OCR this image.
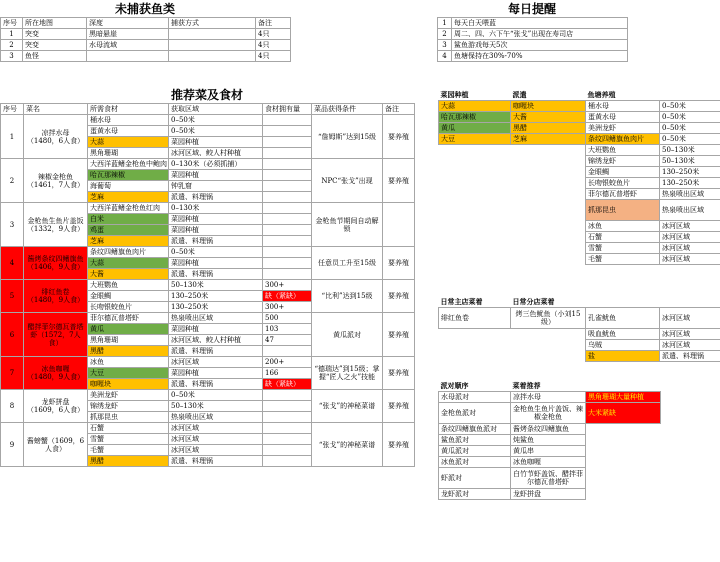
未捕获鱼类
序号	所在地图	深度	捕获方式	备注
1	突变	黑暗悬崖		4只
2	突变	水母流域		4只
3	鱼怪			4只
每日提醒
1	每天白天喂蓝
2	周二、四、六下午“张戈”出现在寿司店
3	鲨鱼游戏每天5次
4	鱼塘保持在30%-70%
推荐菜及食材
序号	菜名	所需食材	获取区域	食材拥有量	菜品获得条件	备注
1	凉拌水母（1480，6人食）	桶水母	0–50米		“詹姆斯”达到15级	要养殖
		蛋黄水母	0–50米			
		大蒜	菜园种植			
		黑角珊瑚	冰河区域、鲛人村种植			
2	辣椒金枪鱼（1461，7人食）	大西洋蓝鳍金枪鱼中鲍肉	0–130米（必须抓捕）		NPC“张戈”出现	要养殖
		哈瓦那辣椒	菜园种植			
		海葡萄	钟乳窟			
		芝麻	派遣、料理锅			
3	金枪鱼生鱼片盖饭（1332，9人食）	大西洋蓝鳍金枪鱼红肉	0–130米		金枪鱼节期间自动解锁	
		白米	菜园种植			
		鸡蛋	菜园种植			
		芝麻	派遣、料理锅			
4	酱烤条纹四鳍旗鱼（1406，9人食）	条纹四鳍旗鱼肉片	0–50米		任意员工升至15级	要养殖
		大蒜	菜园种植			
		大酱	派遣、料理锅			
5	绯红鱼卷（1480，9人食）	大班鹦鱼	50–130米	300+	“比利”达到15级	要养殖
		金眼鲷	130–250米	缺（紧缺）		
		长吻银蛟鱼片	130–250米	300+		
6	醋拌菲尔德瓦普塔虾（1572，7人食）	菲尔德瓦普塔虾	热泉喷出区域	500	黄瓜派对	要养殖
		黄瓜	菜园种植	103		
		黑角珊瑚	冰河区域、鲛人村种植	47		
		黑醋	派遣、料理锅			
7	冰鱼咖喱（1480，9人食）	冰鱼	冰河区域	200+	“德瑞达”到15级；掌握“匠人之火”技能	要养殖
		大豆	菜园种植	166		
		咖喱块	派遣、料理锅	缺（紧缺）		
8	龙虾拼盘（1609，6人食）	美洲龙虾	0–50米		“张戈”的神秘菜谱	要养殖
		锦绣龙虾	50–130米			
		抓那昆虫	热泉喷出区域			
9	酱螃蟹（1609，6人食）	石蟹	冰河区域		“张戈”的神秘菜谱	要养殖
		雪蟹	冰河区域			
		毛蟹	冰河区域			
		黑醋	派遣、料理锅			
菜园种植	派遣	鱼塘养殖	
大蒜	咖喱块	桶水母	0–50米
哈瓦那辣椒	大酱	蛋黄水母	0–50米
黄瓜	黑醋	美洲龙虾	0–50米
大豆	芝麻	条纹四鳍旗鱼肉片	0–50米
		大班鹦鱼	50–130米
		锦绣龙虾	50–130米
		金眼鲷	130–250米
		长吻银蛟鱼片	130–250米
		菲尔德瓦普塔虾	热泉喷出区域
		抓那昆虫	热泉喷出区域
		冰鱼	冰河区域
		石蟹	冰河区域
		雪蟹	冰河区域
		毛蟹	冰河区域
日常主店菜着	日常分店菜着		
绯红鱼卷	烤三色鱿鱼（小刘15级）	孔雀鱿鱼	冰河区域
		吸血鱿鱼	冰河区域
		乌贼	冰河区域
		盐	派遣、料理锅
派对顺序	菜着推荐	
水母派对	凉拌水母	黑角珊瑚大量种植
金枪鱼派对	金枪鱼生鱼片盖饭、辣椒金枪鱼	大米紧缺
条纹四鳍旗鱼派对	酱烤条纹四鳍旗鱼	
鲨鱼派对	炖鲨鱼	
黄瓜派对	黄瓜串	
冰鱼派对	冰鱼咖喱	
虾派对	白竹节虾盖饭、醋拌菲尔德瓦普塔虾	
龙虾派对	龙虾拼盘	
